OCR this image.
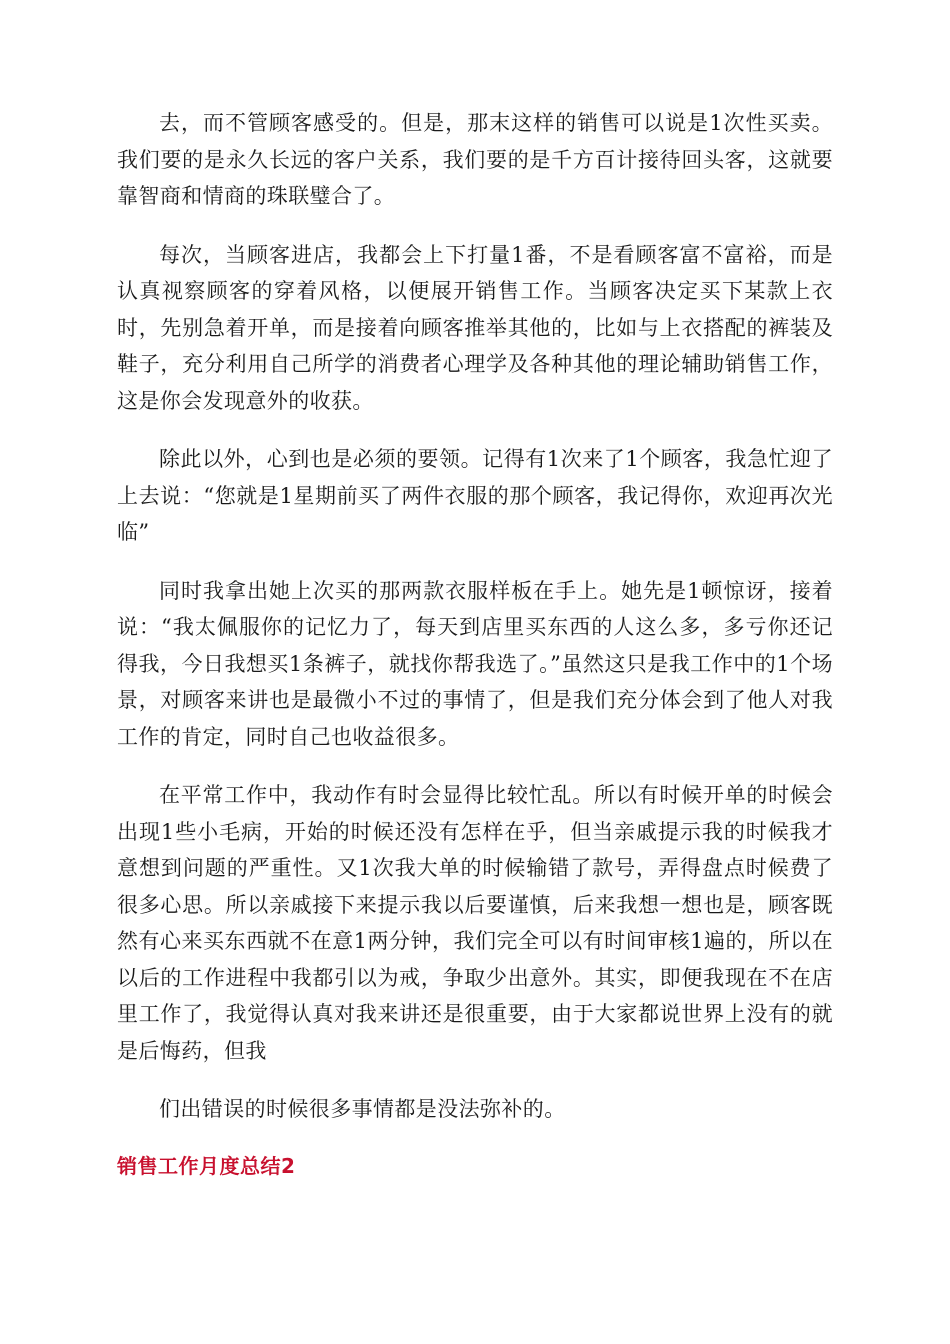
去，而不管顾客感受的。但是，那末这样的销售可以说是1次性买卖。我们要的是永久长远的客户关系，我们要的是千方百计接待回头客，这就要靠智商和情商的珠联璧合了。

每次，当顾客进店，我都会上下打量1番，不是看顾客富不富裕，而是认真视察顾客的穿着风格，以便展开销售工作。当顾客决定买下某款上衣时，先别急着开单，而是接着向顾客推举其他的，比如与上衣搭配的裤装及鞋子，充分利用自己所学的消费者心理学及各种其他的理论辅助销售工作，这是你会发现意外的收获。

除此以外，心到也是必须的要领。记得有1次来了1个顾客，我急忙迎了上去说：“您就是1星期前买了两件衣服的那个顾客，我记得你，欢迎再次光临”

同时我拿出她上次买的那两款衣服样板在手上。她先是1顿惊讶，接着说：“我太佩服你的记忆力了，每天到店里买东西的人这么多，多亏你还记得我，今日我想买1条裤子，就找你帮我选了。”虽然这只是我工作中的1个场景，对顾客来讲也是最微小不过的事情了，但是我们充分体会到了他人对我工作的肯定，同时自己也收益很多。

在平常工作中，我动作有时会显得比较忙乱。所以有时候开单的时候会出现1些小毛病，开始的时候还没有怎样在乎，但当亲戚提示我的时候我才意想到问题的严重性。又1次我大单的时候输错了款号，弄得盘点时候费了很多心思。所以亲戚接下来提示我以后要谨慎，后来我想一想也是，顾客既然有心来买东西就不在意1两分钟，我们完全可以有时间审核1遍的，所以在以后的工作进程中我都引以为戒，争取少出意外。其实，即便我现在不在店里工作了，我觉得认真对我来讲还是很重要，由于大家都说世界上没有的就是后悔药，但我

们出错误的时候很多事情都是没法弥补的。

销售工作月度总结2
